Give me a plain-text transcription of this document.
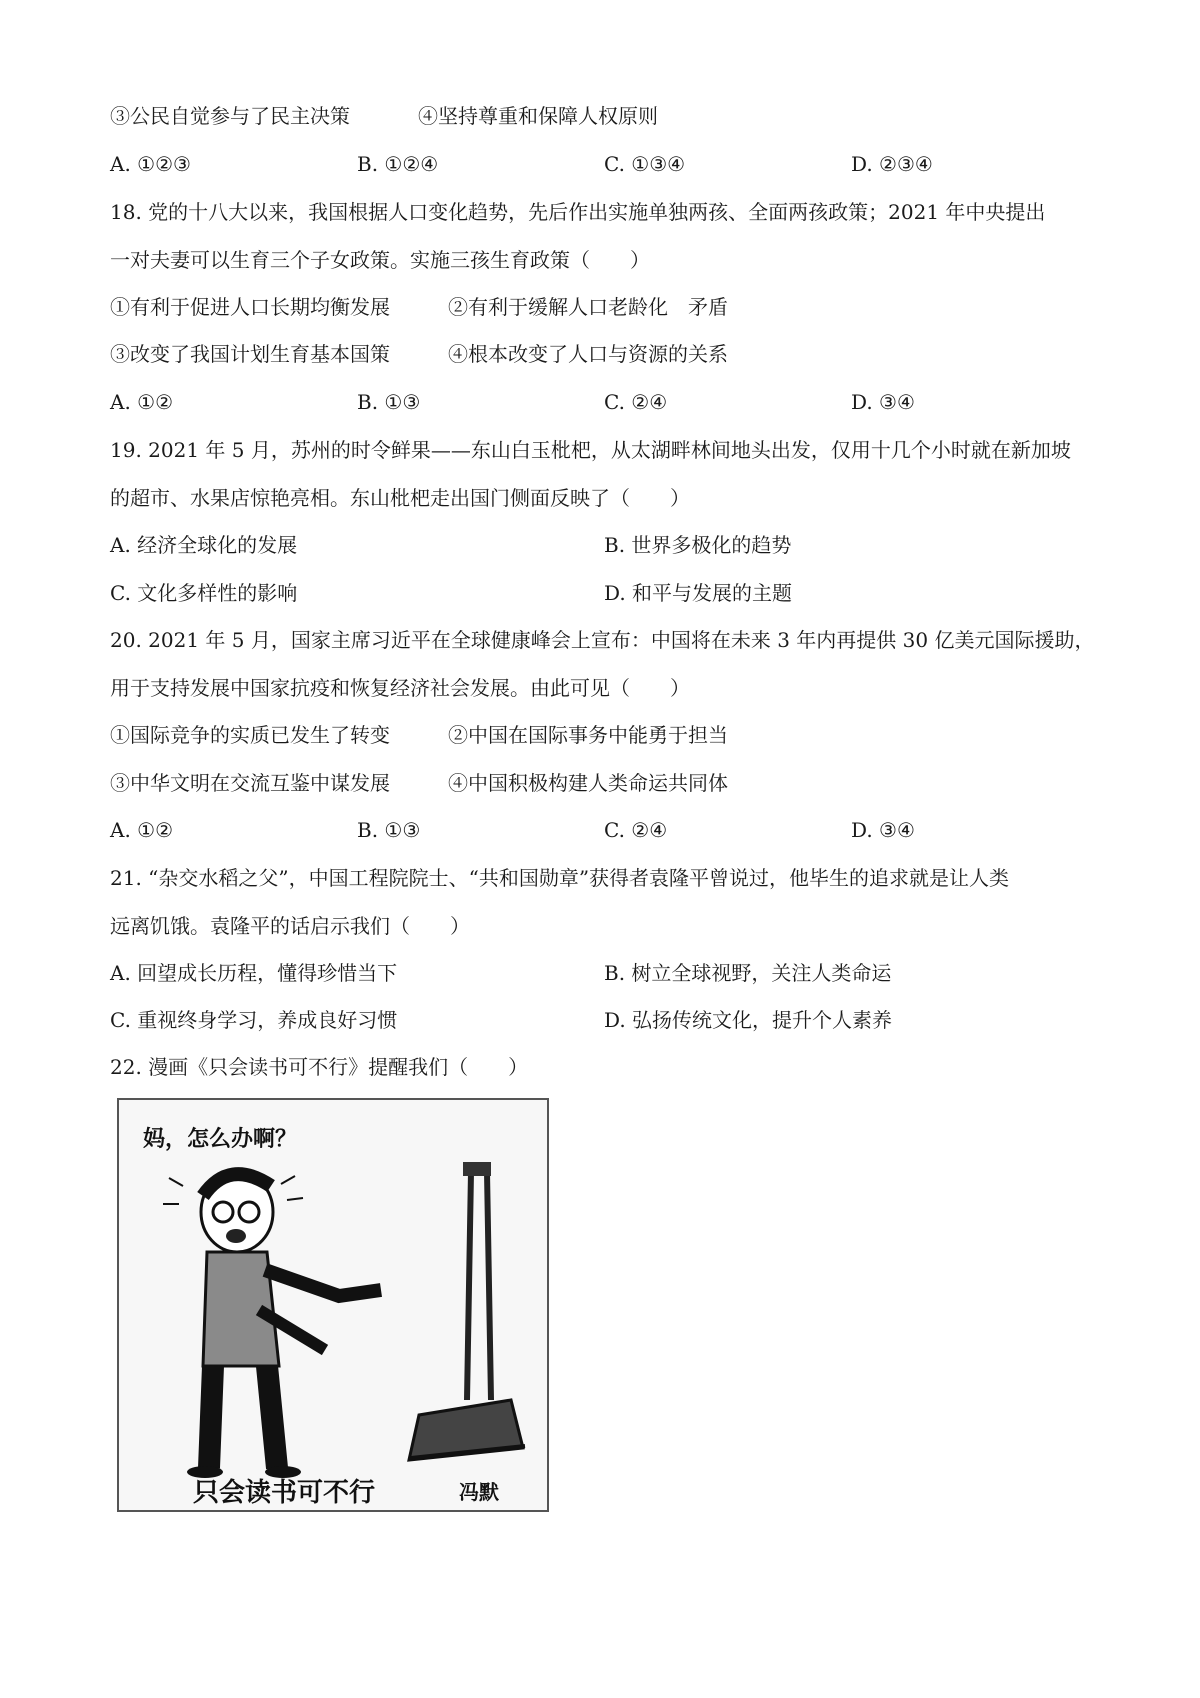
③公民自觉参与了民主决策	④坚持尊重和保障人权原则
A. ①②③	B. ①②④	C. ①③④	D. ②③④
18. 党的十八大以来，我国根据人口变化趋势，先后作出实施单独两孩、全面两孩政策；2021 年中央提出
一对夫妻可以生育三个子女政策。实施三孩生育政策（　　）
①有利于促进人口长期均衡发展	②有利于缓解人口老龄化　矛盾
③改变了我国计划生育基本国策	④根本改变了人口与资源的关系
A. ①②	B. ①③	C. ②④	D. ③④
19. 2021 年 5 月，苏州的时令鲜果——东山白玉枇杷，从太湖畔林间地头出发，仅用十几个小时就在新加坡
的超市、水果店惊艳亮相。东山枇杷走出国门侧面反映了（　　）
A. 经济全球化的发展	B. 世界多极化的趋势
C. 文化多样性的影响	D. 和平与发展的主题
20. 2021 年 5 月，国家主席习近平在全球健康峰会上宣布：中国将在未来 3 年内再提供 30 亿美元国际援助，
用于支持发展中国家抗疫和恢复经济社会发展。由此可见（　　）
①国际竞争的实质已发生了转变	②中国在国际事务中能勇于担当
③中华文明在交流互鉴中谋发展	④中国积极构建人类命运共同体
A. ①②	B. ①③	C. ②④	D. ③④
21. “杂交水稻之父”，中国工程院院士、“共和国勋章”获得者袁隆平曾说过，他毕生的追求就是让人类
远离饥饿。袁隆平的话启示我们（　　）
A. 回望成长历程，懂得珍惜当下	B. 树立全球视野，关注人类命运
C. 重视终身学习，养成良好习惯	D. 弘扬传统文化，提升个人素养
22. 漫画《只会读书可不行》提醒我们（　　）
妈，怎么办啊？
只会读书可不行	冯默
